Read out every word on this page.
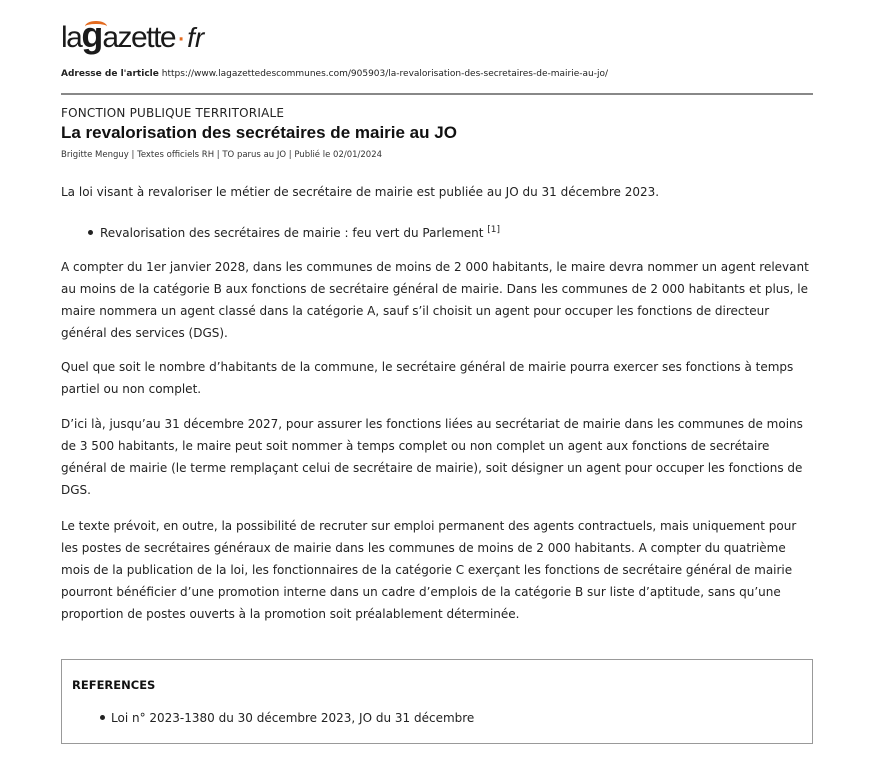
lagazette·fr
Adresse de l'article https://www.lagazettedescommunes.com/905903/la-revalorisation-des-secretaires-de-mairie-au-jo/
FONCTION PUBLIQUE TERRITORIALE
La revalorisation des secrétaires de mairie au JO
Brigitte Menguy | Textes officiels RH | TO parus au JO | Publié le 02/01/2024

La loi visant à revaloriser le métier de secrétaire de mairie est publiée au JO du 31 décembre 2023.

Revalorisation des secrétaires de mairie : feu vert du Parlement [1]

A compter du 1er janvier 2028, dans les communes de moins de 2 000 habitants, le maire devra nommer un agent relevant au moins de la catégorie B aux fonctions de secrétaire général de mairie. Dans les communes de 2 000 habitants et plus, le maire nommera un agent classé dans la catégorie A, sauf s’il choisit un agent pour occuper les fonctions de directeur général des services (DGS).

Quel que soit le nombre d’habitants de la commune, le secrétaire général de mairie pourra exercer ses fonctions à temps partiel ou non complet.

D’ici là, jusqu’au 31 décembre 2027, pour assurer les fonctions liées au secrétariat de mairie dans les communes de moins de 3 500 habitants, le maire peut soit nommer à temps complet ou non complet un agent aux fonctions de secrétaire général de mairie (le terme remplaçant celui de secrétaire de mairie), soit désigner un agent pour occuper les fonctions de DGS.

Le texte prévoit, en outre, la possibilité de recruter sur emploi permanent des agents contractuels, mais uniquement pour les postes de secrétaires généraux de mairie dans les communes de moins de 2 000 habitants. A compter du quatrième mois de la publication de la loi, les fonctionnaires de la catégorie C exerçant les fonctions de secrétaire général de mairie pourront bénéficier d’une promotion interne dans un cadre d’emplois de la catégorie B sur liste d’aptitude, sans qu’une proportion de postes ouverts à la promotion soit préalablement déterminée.

REFERENCES
Loi n° 2023-1380 du 30 décembre 2023, JO du 31 décembre
